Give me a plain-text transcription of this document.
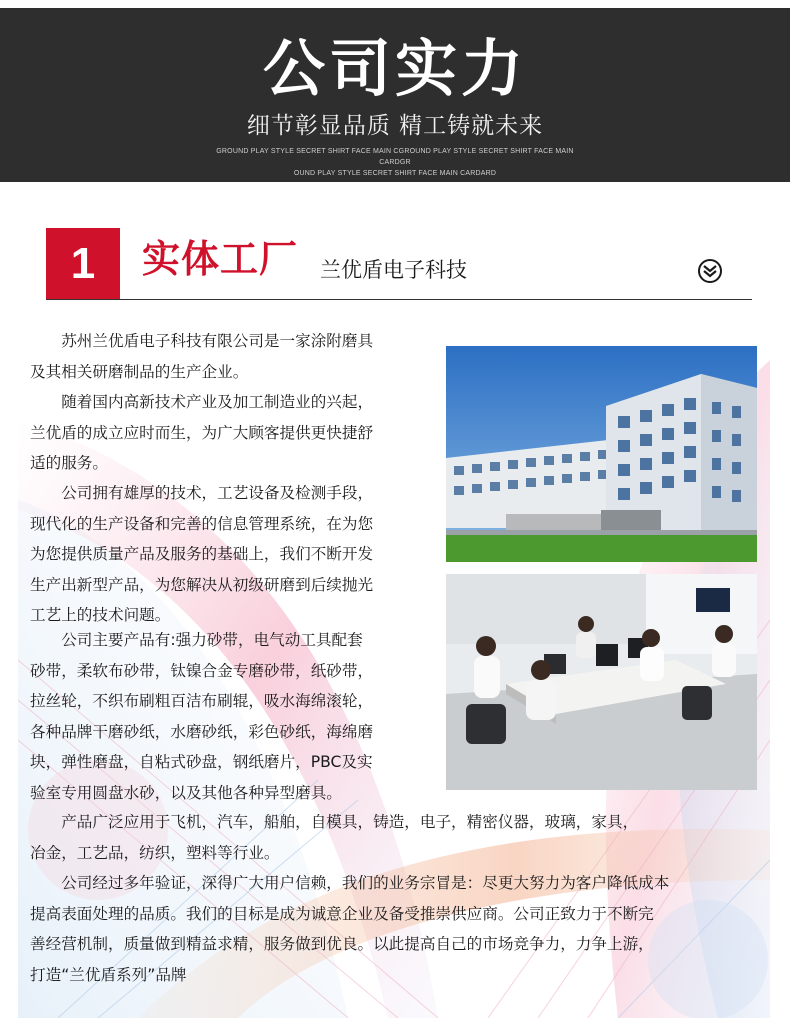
公司实力
细节彰显品质 精工铸就未来
GROUND PLAY STYLE SECRET SHIRT FACE MAIN CGROUND PLAY STYLE SECRET SHIRT FACE MAIN CARDGR
OUND PLAY STYLE SECRET SHIRT FACE MAIN CARDARD
1	实体工厂 兰优盾电子科技
　　苏州兰优盾电子科技有限公司是一家涂附磨具
及其相关研磨制品的生产企业。
　　随着国内高新技术产业及加工制造业的兴起，
兰优盾的成立应时而生，为广大顾客提供更快捷舒
适的服务。
　　公司拥有雄厚的技术，工艺设备及检测手段，
现代化的生产设备和完善的信息管理系统，在为您
为您提供质量产品及服务的基础上，我们不断开发
生产出新型产品，为您解决从初级研磨到后续抛光
工艺上的技术问题。
　　公司主要产品有:强力砂带，电气动工具配套
砂带，柔软布砂带，钛镍合金专磨砂带，纸砂带，
拉丝轮，不织布刷粗百洁布刷辊，吸水海绵滚轮，
各种品牌干磨砂纸，水磨砂纸，彩色砂纸，海绵磨
块，弹性磨盘，自粘式砂盘，钢纸磨片，PBC及实
验室专用圆盘水砂，以及其他各种异型磨具。
　　产品广泛应用于飞机，汽车，船舶，自模具，铸造，电子，精密仪器，玻璃，家具，
冶金，工艺品，纺织，塑料等行业。
　　公司经过多年验证，深得广大用户信赖，我们的业务宗冒是：尽更大努力为客户降低成本
提高表面处理的品质。我们的目标是成为诚意企业及备受推崇供应商。公司正致力于不断完
善经营机制，质量做到精益求精，服务做到优良。以此提高自己的市场竞争力，力争上游，
打造“兰优盾系列”品牌
